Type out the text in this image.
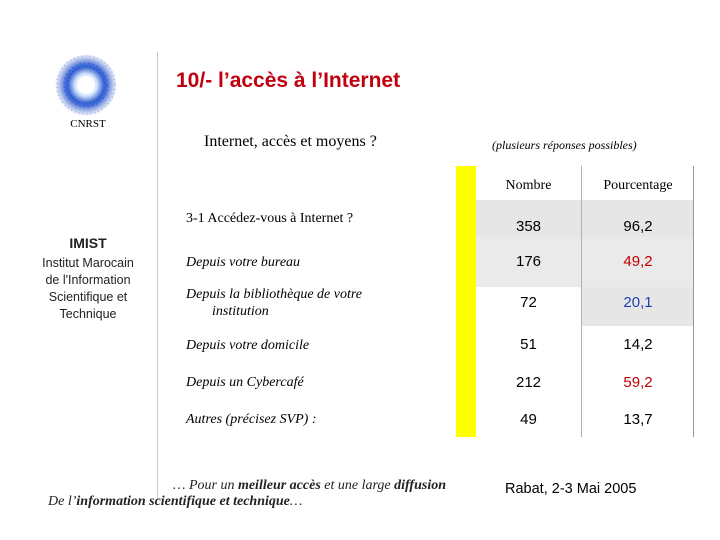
CNRST
IMIST
Institut Marocain
de l'Information
Scientifique et
Technique
10/- l’accès à l’Internet
Internet, accès et moyens ?	(plusieurs réponses possibles)
Nombre	Pourcentage
3-1 Accédez-vous à Internet ?	358	96,2
Depuis votre bureau	176	49,2
Depuis la bibliothèque de votre
institution
72	20,1
Depuis votre domicile	51	14,2
Depuis un Cybercafé	212	59,2
Autres (précisez SVP) :	49	13,7
… Pour un meilleur accès et une large diffusion
De l’information scientifique et technique…
Rabat, 2-3 Mai 2005
